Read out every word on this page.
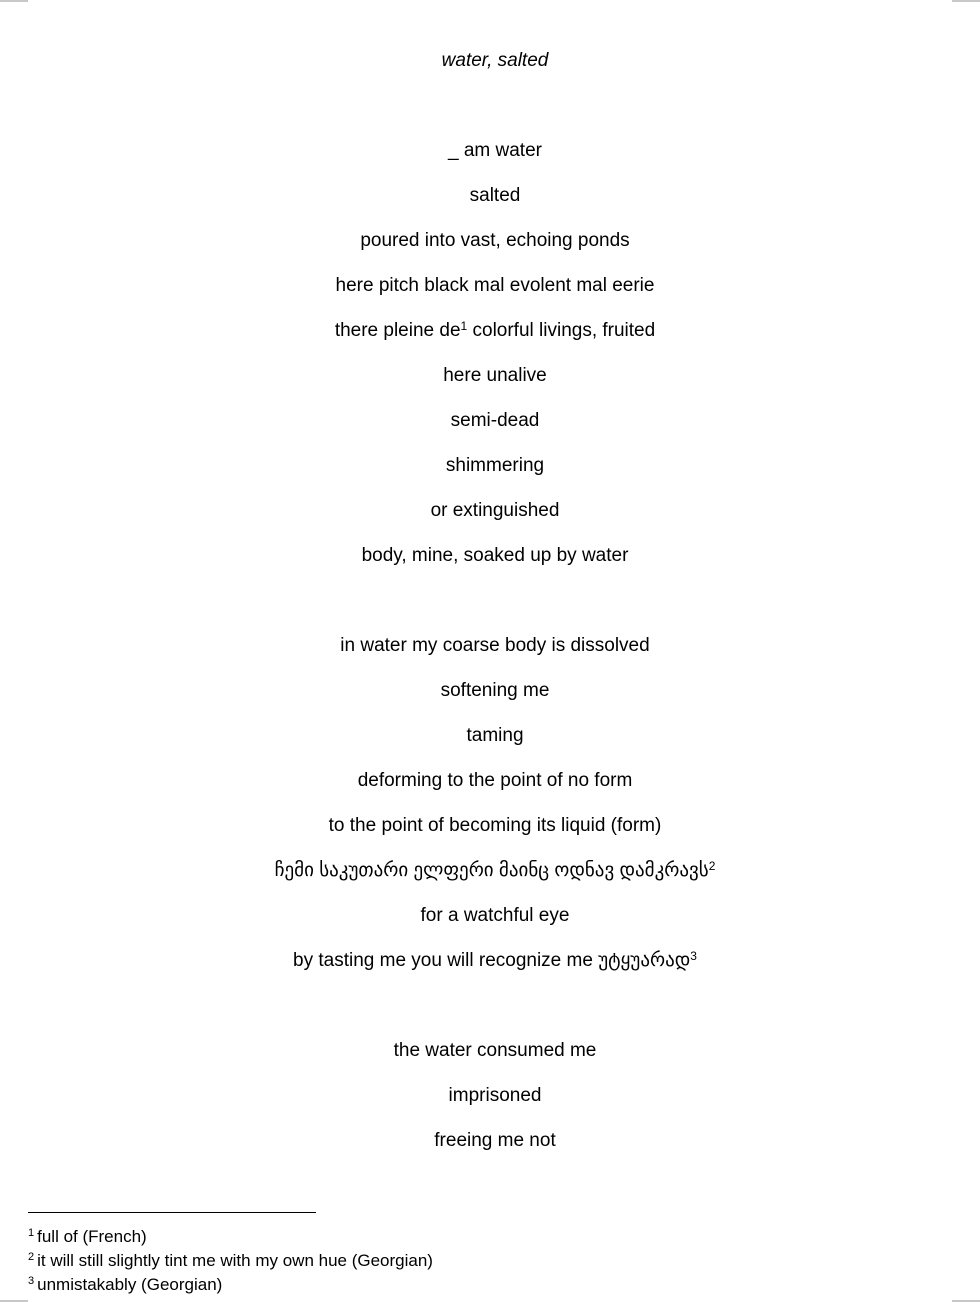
water, salted
_ am water
salted
poured into vast, echoing ponds
here pitch black mal evolent mal eerie
there pleine $de^1$ colorful livings, fruited
here unalive
semi-dead
shimmering
or extinguished
body, mine, soaked up by water
in water my coarse body is dissolved
softening me
taming
deforming to the point of no form
to the point of becoming its liquid (form)
ჩემი საკუთარი ელფერი მაინც ოდნავ დამკრავს$^2$
for a watchful eye
by tasting me you will recognize me უტყუარად$^3$
the water consumed me
imprisoned
freeing me not
$^1$ full of (French)
$^2$ it will still slightly tint me with my own hue (Georgian)
$^3$ unmistakably (Georgian)
